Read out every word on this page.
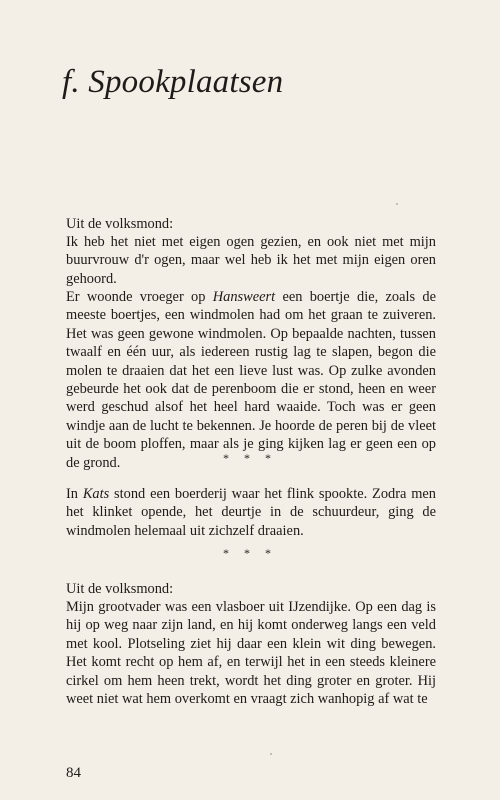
f. Spookplaatsen

Uit de volksmond:

Ik heb het niet met eigen ogen gezien, en ook niet met mijn buurvrouw d'r ogen, maar wel heb ik het met mijn eigen oren gehoord.

Er woonde vroeger op Hansweert een boertje die, zoals de meeste boertjes, een windmolen had om het graan te zuiveren. Het was geen gewone windmolen. Op bepaalde nachten, tussen twaalf en één uur, als iedereen rustig lag te slapen, begon die molen te draaien dat het een lieve lust was. Op zulke avonden gebeurde het ook dat de perenboom die er stond, heen en weer werd geschud alsof het heel hard waaide. Toch was er geen windje aan de lucht te bekennen. Je hoorde de peren bij de vleet uit de boom ploffen, maar als je ging kijken lag er geen een op de grond.	* * *

In Kats stond een boerderij waar het flink spookte. Zodra men het klinket opende, het deurtje in de schuurdeur, ging de windmolen helemaal uit zichzelf draaien.

* * *

Uit de volksmond:

Mijn grootvader was een vlasboer uit IJzendijke. Op een dag is hij op weg naar zijn land, en hij komt onderweg langs een veld met kool. Plotseling ziet hij daar een klein wit ding bewegen. Het komt recht op hem af, en terwijl het in een steeds kleinere cirkel om hem heen trekt, wordt het ding groter en groter. Hij weet niet wat hem overkomt en vraagt zich wanhopig af wat te

84
